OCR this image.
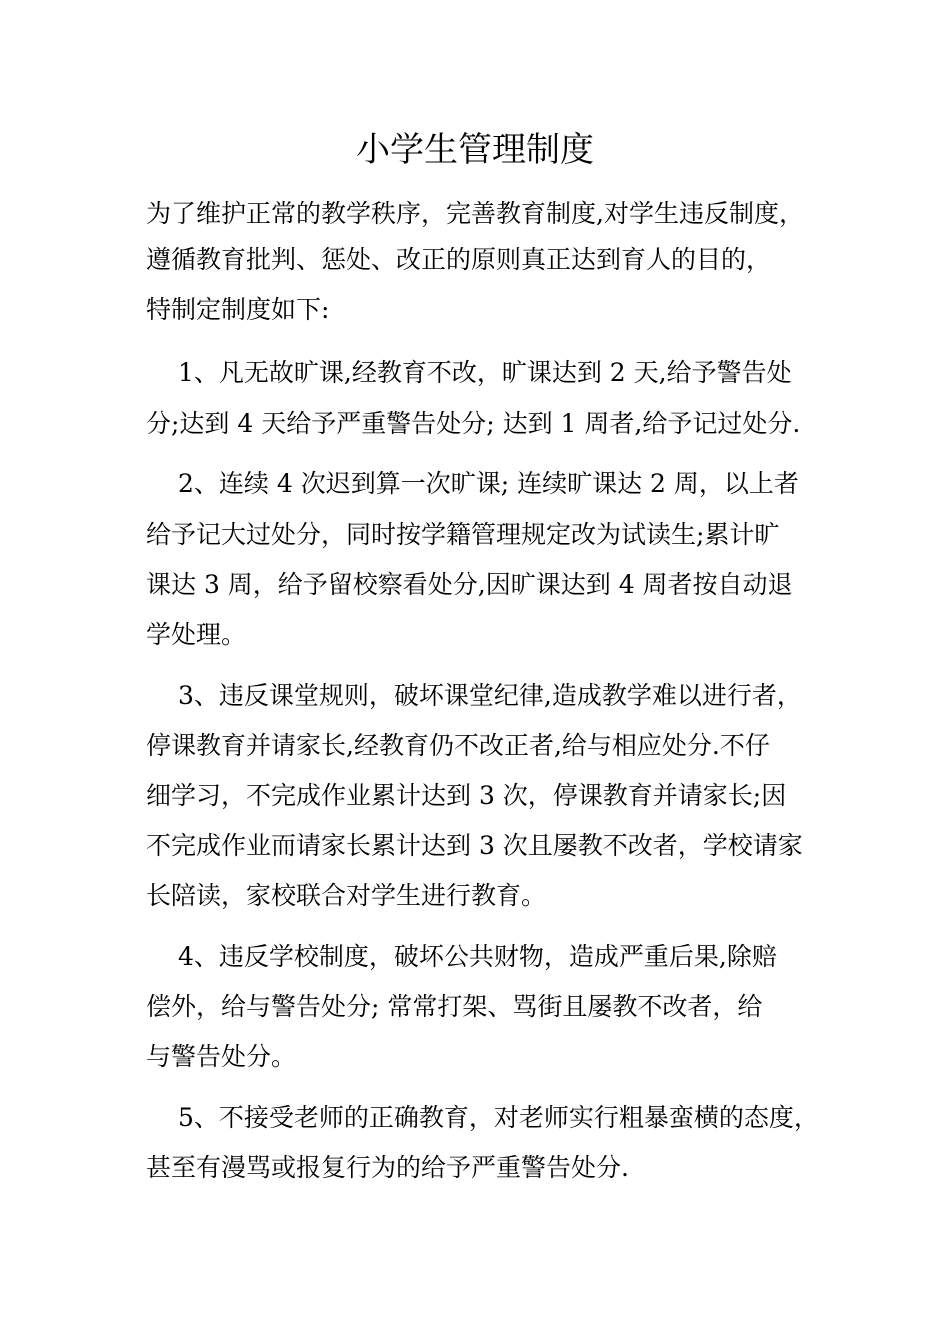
小学生管理制度

为了维护正常的教学秩序，完善教育制度,对学生违反制度，

遵循教育批判、惩处、改正的原则真正达到育人的目的，

特制定制度如下:

1、凡无故旷课,经教育不改，旷课达到 2 天,给予警告处

分;达到 4 天给予严重警告处分; 达到 1 周者,给予记过处分.

2、连续 4 次迟到算一次旷课; 连续旷课达 2 周，以上者

给予记大过处分，同时按学籍管理规定改为试读生;累计旷

课达 3 周，给予留校察看处分,因旷课达到 4 周者按自动退

学处理。

3、违反课堂规则，破坏课堂纪律,造成教学难以进行者，

停课教育并请家长,经教育仍不改正者,给与相应处分.不仔

细学习，不完成作业累计达到 3 次，停课教育并请家长;因

不完成作业而请家长累计达到 3 次且屡教不改者，学校请家

长陪读，家校联合对学生进行教育。

4、违反学校制度，破坏公共财物，造成严重后果,除赔

偿外，给与警告处分; 常常打架、骂街且屡教不改者，给

与警告处分。

5、不接受老师的正确教育，对老师实行粗暴蛮横的态度，

甚至有漫骂或报复行为的给予严重警告处分.
